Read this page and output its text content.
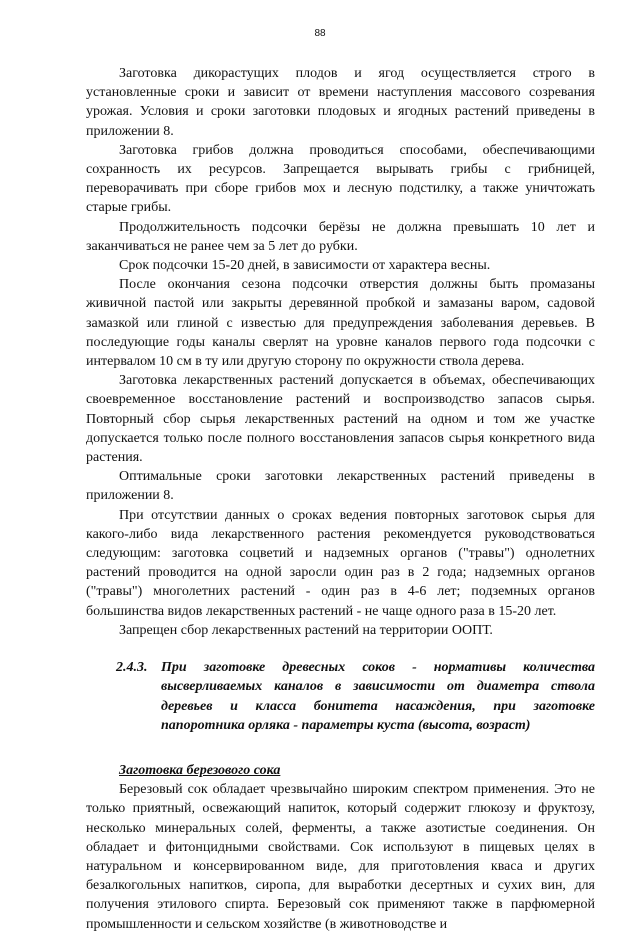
88

Заготовка дикорастущих плодов и ягод осуществляется строго в установленные сроки и зависит от времени наступления массового созревания урожая. Условия и сроки заготовки плодовых и ягодных растений приведены в приложении 8.

Заготовка грибов должна проводиться способами, обеспечивающими сохранность их ресурсов. Запрещается вырывать грибы с грибницей, переворачивать при сборе грибов мох и лесную подстилку, а также уничтожать старые грибы.

Продолжительность подсочки берёзы не должна превышать 10 лет и заканчиваться не ранее чем за 5 лет до рубки.

Срок подсочки 15-20 дней, в зависимости от характера весны.

После окончания сезона подсочки отверстия должны быть промазаны живичной пастой или закрыты деревянной пробкой и замазаны варом, садовой замазкой или глиной с известью для предупреждения заболевания деревьев. В последующие годы каналы сверлят на уровне каналов первого года подсочки с интервалом 10 см в ту или другую сторону по окружности ствола дерева.

Заготовка лекарственных растений допускается в объемах, обеспечивающих своевременное восстановление растений и воспроизводство запасов сырья. Повторный сбор сырья лекарственных растений на одном и том же участке допускается только после полного восстановления запасов сырья конкретного вида растения.

Оптимальные сроки заготовки лекарственных растений приведены в приложении 8.

При отсутствии данных о сроках ведения повторных заготовок сырья для какого-либо вида лекарственного растения рекомендуется руководствоваться следующим: заготовка соцветий и надземных органов ("травы") однолетних растений проводится на одной заросли один раз в 2 года; надземных органов ("травы") многолетних растений - один раз в 4-6 лет; подземных органов большинства видов лекарственных растений - не чаще одного раза в 15-20 лет.

Запрещен сбор лекарственных растений на территории ООПТ.

2.4.3. При заготовке древесных соков - нормативы количества высверливаемых каналов в зависимости от диаметра ствола деревьев и класса бонитета насаждения, при заготовке папоротника орляка - параметры куста (высота, возраст)
Заготовка березового сока

Березовый сок обладает чрезвычайно широким спектром применения. Это не только приятный, освежающий напиток, который содержит глюкозу и фруктозу, несколько минеральных солей, ферменты, а также азотистые соединения. Он обладает и фитонцидными свойствами. Сок используют в пищевых целях в натуральном и консервированном виде, для приготовления кваса и других безалкогольных напитков, сиропа, для выработки десертных и сухих вин, для получения этилового спирта. Березовый сок применяют также в парфюмерной промышленности и сельском хозяйстве (в животноводстве и
